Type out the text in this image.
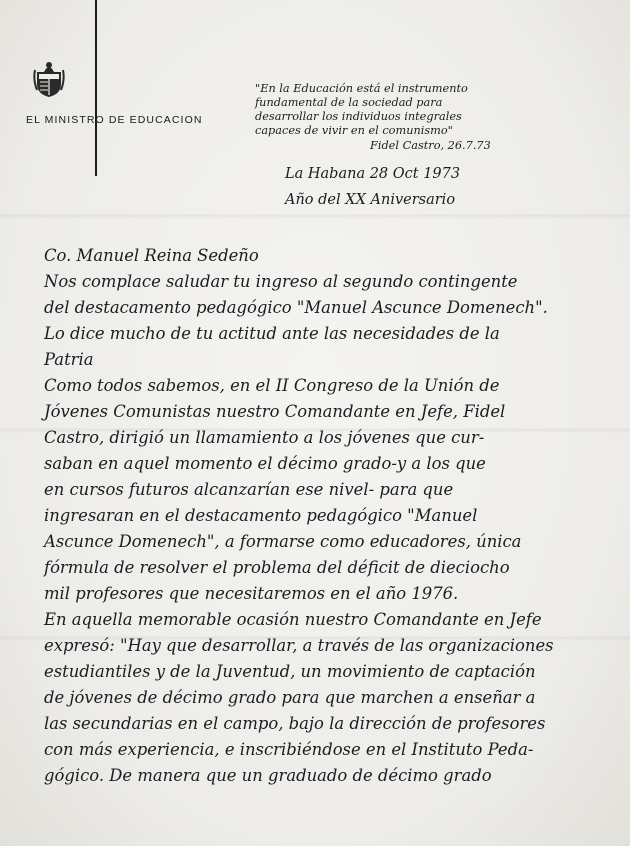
EL MINISTRO DE EDUCACION
"En la Educación está el instrumento
fundamental de la sociedad para
desarrollar los individuos integrales
capaces de vivir en el comunismo"
Fidel Castro, 26.7.73
La Habana 28 Oct 1973
Año del XX Aniversario
Co. Manuel Reina Sedeño
Nos complace saludar tu ingreso al segundo contingente
del destacamento pedagógico "Manuel Ascunce Domenech".
Lo dice mucho de tu actitud ante las necesidades de la
Patria
Como todos sabemos, en el II Congreso de la Unión de
Jóvenes Comunistas nuestro Comandante en Jefe, Fidel
Castro, dirigió un llamamiento a los jóvenes que cur-
saban en aquel momento el décimo grado-y a los que
en cursos futuros alcanzarían ese nivel- para que
ingresaran en el destacamento pedagógico "Manuel
Ascunce Domenech", a formarse como educadores, única
fórmula de resolver el problema del déficit de dieciocho
mil profesores que necesitaremos en el año 1976.
En aquella memorable ocasión nuestro Comandante en Jefe
expresó: "Hay que desarrollar, a través de las organizaciones
estudiantiles y de la Juventud, un movimiento de captación
de jóvenes de décimo grado para que marchen a enseñar a
las secundarias en el campo, bajo la dirección de profesores
con más experiencia, e inscribiéndose en el Instituto Peda-
gógico. De manera que un graduado de décimo grado
